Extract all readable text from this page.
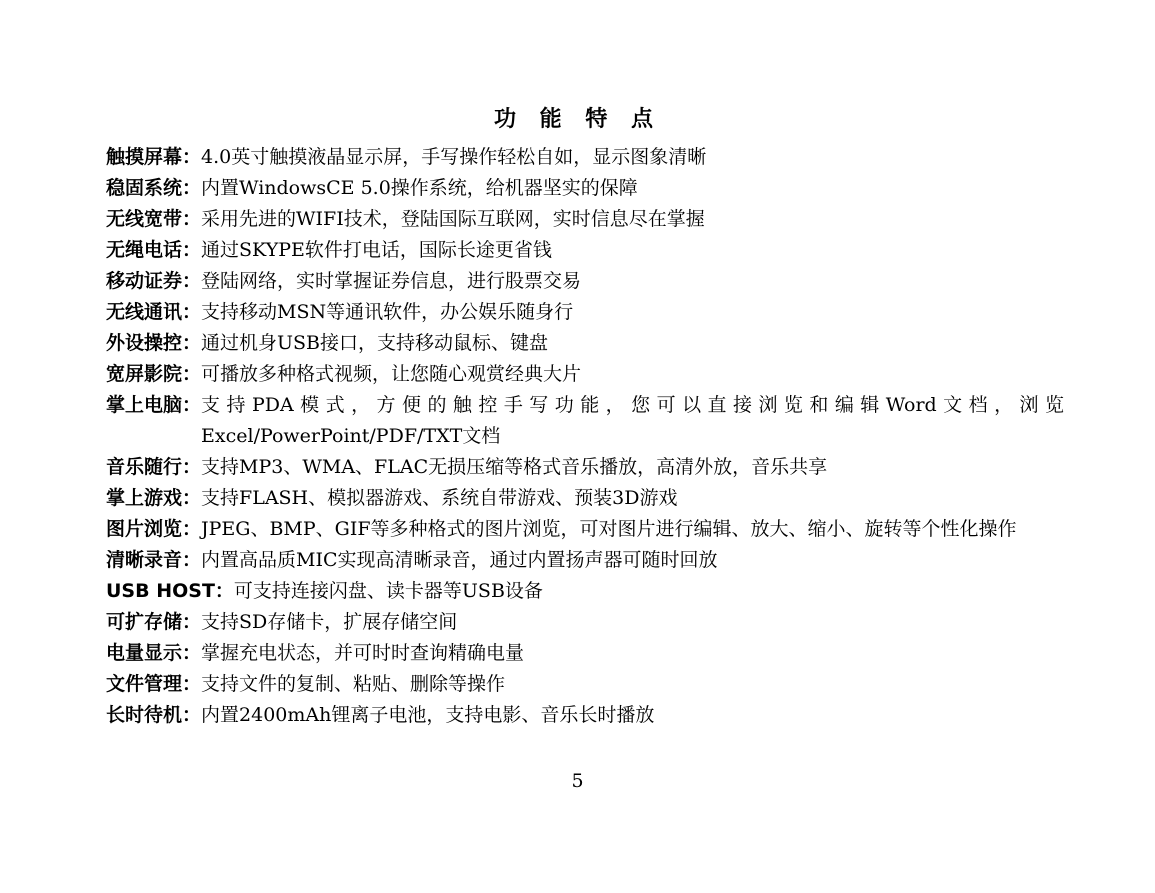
功 能 特 点
触摸屏幕： 4.0英寸触摸液晶显示屏，手写操作轻松自如，显示图象清晰
稳固系统： 内置WindowsCE 5.0操作系统，给机器坚实的保障
无线宽带： 采用先进的WIFI技术，登陆国际互联网，实时信息尽在掌握
无绳电话： 通过SKYPE软件打电话，国际长途更省钱
移动证券： 登陆网络，实时掌握证券信息，进行股票交易
无线通讯： 支持移动MSN等通讯软件，办公娱乐随身行
外设操控： 通过机身USB接口，支持移动鼠标、键盘
宽屏影院： 可播放多种格式视频，让您随心观赏经典大片
掌上电脑： 支持PDA模式，方便的触控手写功能，您可以直接浏览和编辑Word文档，浏览Excel/PowerPoint/PDF/TXT文档
音乐随行： 支持MP3、WMA、FLAC无损压缩等格式音乐播放，高清外放，音乐共享
掌上游戏： 支持FLASH、模拟器游戏、系统自带游戏、预装3D游戏
图片浏览： JPEG、BMP、GIF等多种格式的图片浏览，可对图片进行编辑、放大、缩小、旋转等个性化操作
清晰录音： 内置高品质MIC实现高清晰录音，通过内置扬声器可随时回放
USB HOST： 可支持连接闪盘、读卡器等USB设备
可扩存储： 支持SD存储卡，扩展存储空间
电量显示： 掌握充电状态，并可时时查询精确电量
文件管理： 支持文件的复制、粘贴、删除等操作
长时待机： 内置2400mAh锂离子电池，支持电影、音乐长时播放
5
